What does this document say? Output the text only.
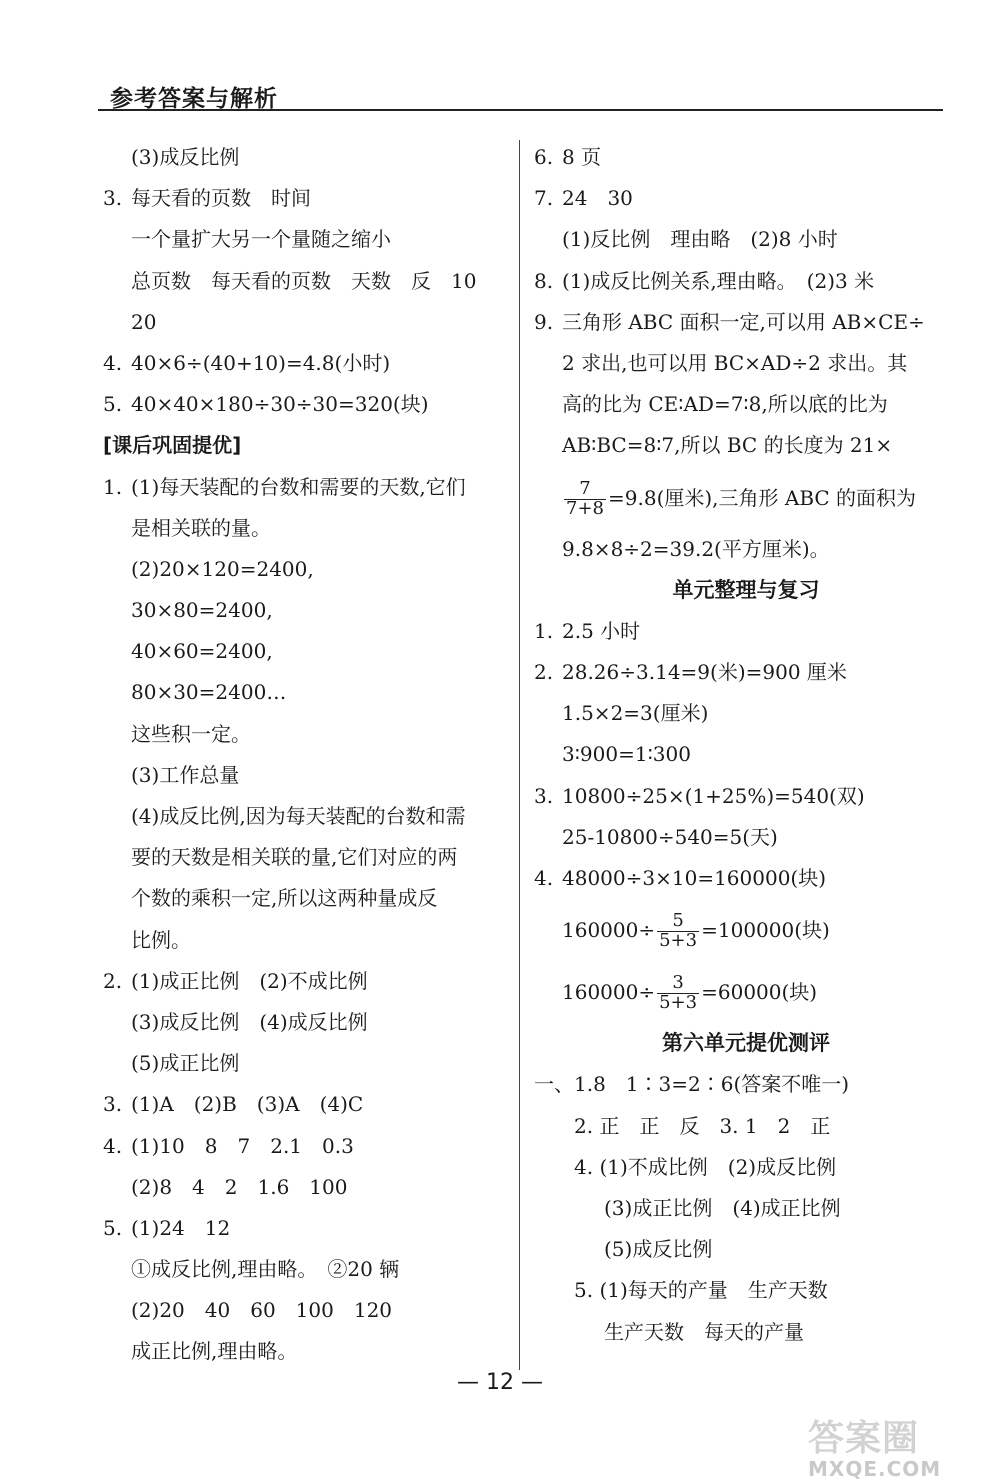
参考答案与解析
(3)成反比例
3. 每天看的页数　时间
一个量扩大另一个量随之缩小
总页数　每天看的页数　天数　反　10
20
4. 40×6÷(40+10)=4.8(小时)
5. 40×40×180÷30÷30=320(块)
[课后巩固提优]
1. (1)每天装配的台数和需要的天数,它们
是相关联的量。
(2)20×120=2400,
30×80=2400,
40×60=2400,
80×30=2400…
这些积一定。
(3)工作总量
(4)成反比例,因为每天装配的台数和需
要的天数是相关联的量,它们对应的两
个数的乘积一定,所以这两种量成反
比例。
2. (1)成正比例　(2)不成比例
(3)成反比例　(4)成反比例
(5)成正比例
3. (1)A　(2)B　(3)A　(4)C
4. (1)10　8　7　2.1　0.3
(2)8　4　2　1.6　100
5. (1)24　12
①成反比例,理由略。　②20 辆
(2)20　40　60　100　120
成正比例,理由略。
6. 8 页
7. 24　30
(1)反比例　理由略　(2)8 小时
8. (1)成反比例关系,理由略。　(2)3 米
9. 三角形 ABC 面积一定,可以用 AB×CE÷
2 求出,也可以用 BC×AD÷2 求出。其
高的比为 CE∶AD=7∶8,所以底的比为
AB∶BC=8∶7,所以 BC 的长度为 21×
$\frac{7}{7+8} =9.8$(厘米),三角形 ABC 的面积为
9.8×8÷2=39.2(平方厘米)。
单元整理与复习
1. 2.5 小时
2. 28.26÷3.14=9(米)=900 厘米
1.5×2=3(厘米)
3∶900=1∶300
3. 10800÷25×(1+25%)=540(双)
25-10800÷540=5(天)
4. 48000÷3×10=160000(块)
$160000\div \frac{5}{5+3} =100000$(块)
$160000\div \frac{3}{5+3} =60000$(块)
第六单元提优测评
一、1.8　1∶3=2∶6(答案不唯一)
2. 正　正　反　3. 1　2　正
4. (1)不成比例　(2)成反比例
(3)成正比例　(4)成正比例
(5)成反比例
5. (1)每天的产量　生产天数
生产天数　每天的产量
— 12 —
答案圈
MXQE.COM
